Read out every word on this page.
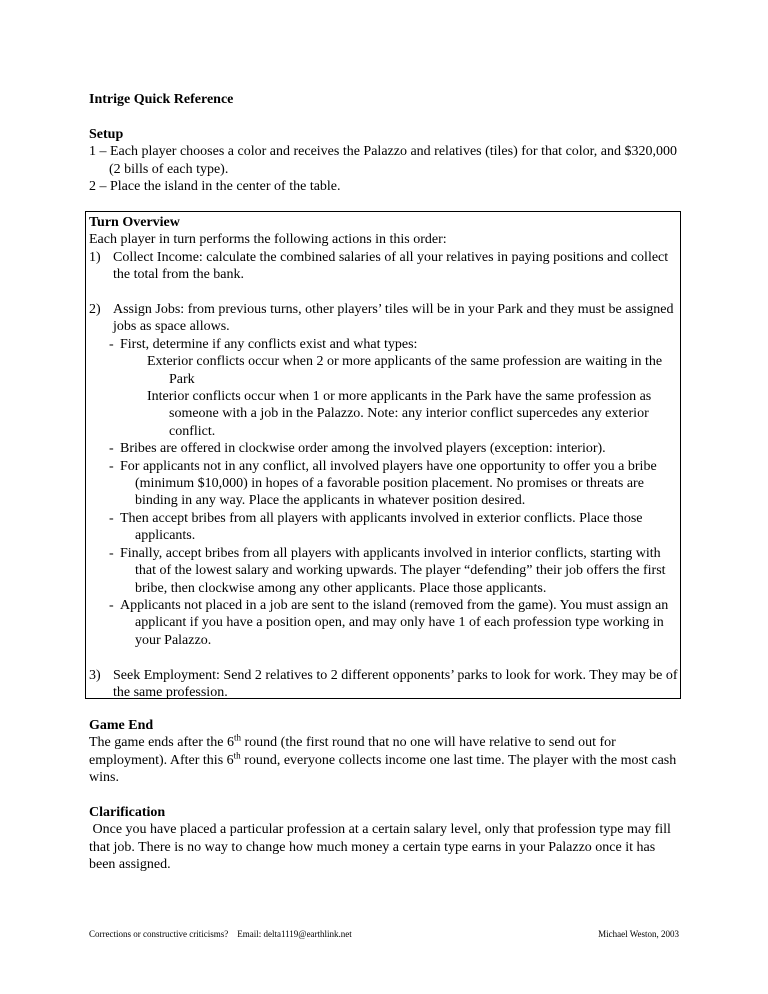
Intrige Quick Reference
Setup
1 – Each player chooses a color and receives the Palazzo and relatives (tiles) for that color, and $320,000 (2 bills of each type).
2 – Place the island in the center of the table.
Turn Overview
Each player in turn performs the following actions in this order:
1) Collect Income: calculate the combined salaries of all your relatives in paying positions and collect the total from the bank.
2) Assign Jobs: from previous turns, other players’ tiles will be in your Park and they must be assigned jobs as space allows.
- First, determine if any conflicts exist and what types:
Exterior conflicts occur when 2 or more applicants of the same profession are waiting in the Park
Interior conflicts occur when 1 or more applicants in the Park have the same profession as someone with a job in the Palazzo. Note: any interior conflict supercedes any exterior conflict.
- Bribes are offered in clockwise order among the involved players (exception: interior).
- For applicants not in any conflict, all involved players have one opportunity to offer you a bribe (minimum $10,000) in hopes of a favorable position placement. No promises or threats are binding in any way. Place the applicants in whatever position desired.
- Then accept bribes from all players with applicants involved in exterior conflicts. Place those applicants.
- Finally, accept bribes from all players with applicants involved in interior conflicts, starting with that of the lowest salary and working upwards. The player “defending” their job offers the first bribe, then clockwise among any other applicants. Place those applicants.
- Applicants not placed in a job are sent to the island (removed from the game). You must assign an applicant if you have a position open, and may only have 1 of each profession type working in your Palazzo.
3) Seek Employment: Send 2 relatives to 2 different opponents’ parks to look for work. They may be of the same profession.
Game End

The game ends after the 6th round (the first round that no one will have relative to send out for employment). After this 6th round, everyone collects income one last time. The player with the most cash wins.

Clarification

Once you have placed a particular profession at a certain salary level, only that profession type may fill that job. There is no way to change how much money a certain type earns in your Palazzo once it has been assigned.

Corrections or constructive criticisms?    Email: delta1119@earthlink.net	Michael Weston, 2003
